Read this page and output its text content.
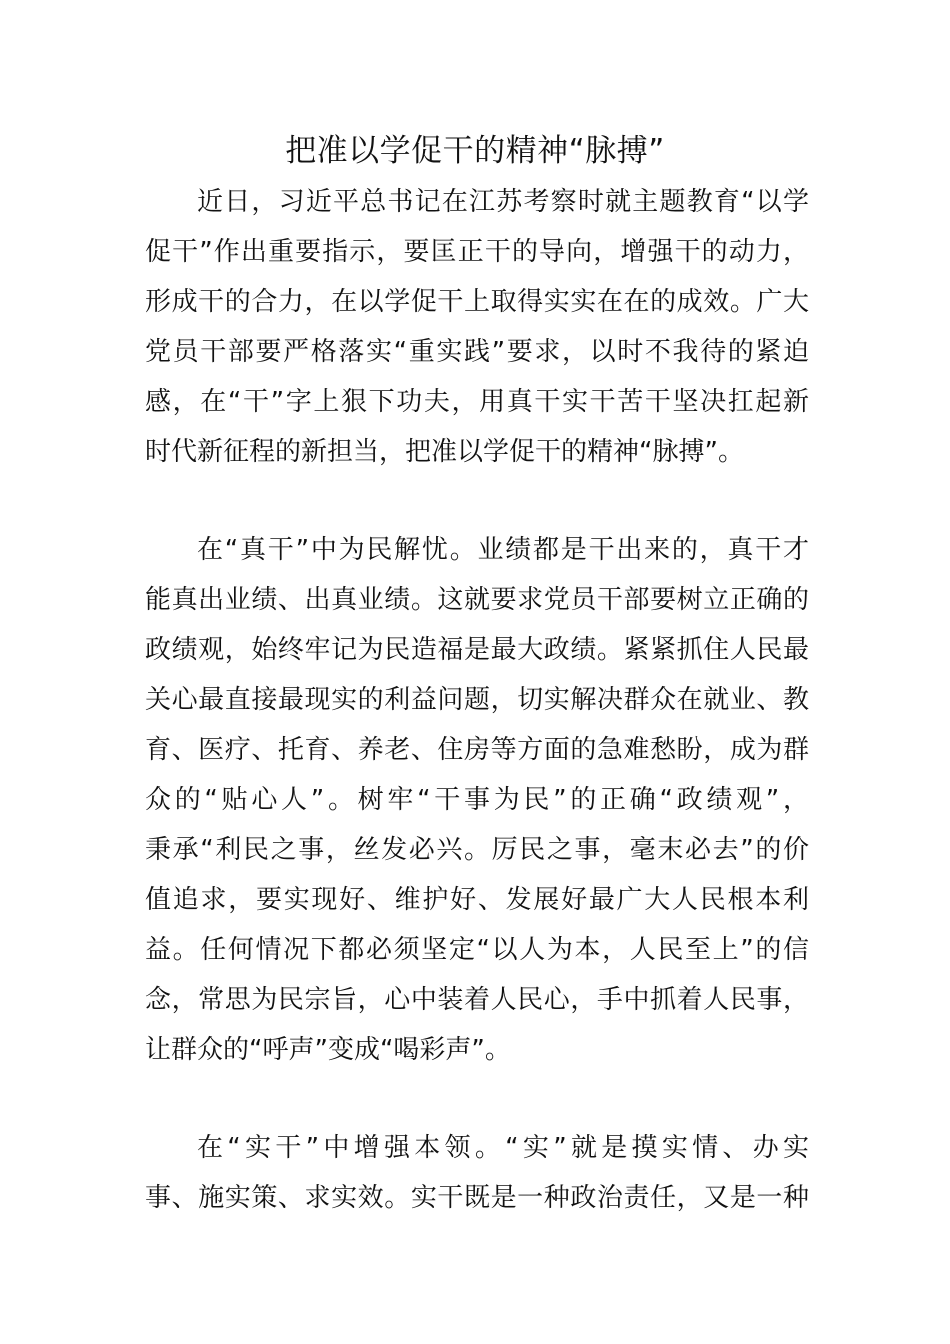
把准以学促干的精神“脉搏”

近日，习近平总书记在江苏考察时就主题教育“以学

促干”作出重要指示，要匡正干的导向，增强干的动力，

形成干的合力，在以学促干上取得实实在在的成效。广大

党员干部要严格落实“重实践”要求，以时不我待的紧迫

感，在“干”字上狠下功夫，用真干实干苦干坚决扛起新

时代新征程的新担当，把准以学促干的精神“脉搏”。

在“真干”中为民解忧。业绩都是干出来的，真干才

能真出业绩、出真业绩。这就要求党员干部要树立正确的

政绩观，始终牢记为民造福是最大政绩。紧紧抓住人民最

关心最直接最现实的利益问题，切实解决群众在就业、教

育、医疗、托育、养老、住房等方面的急难愁盼，成为群

众的“贴心人”。树牢“干事为民”的正确“政绩观”，

秉承“利民之事，丝发必兴。厉民之事，毫末必去”的价

值追求，要实现好、维护好、发展好最广大人民根本利

益。任何情况下都必须坚定“以人为本，人民至上”的信

念，常思为民宗旨，心中装着人民心，手中抓着人民事，

让群众的“呼声”变成“喝彩声”。

在“实干”中增强本领。“实”就是摸实情、办实

事、施实策、求实效。实干既是一种政治责任，又是一种
